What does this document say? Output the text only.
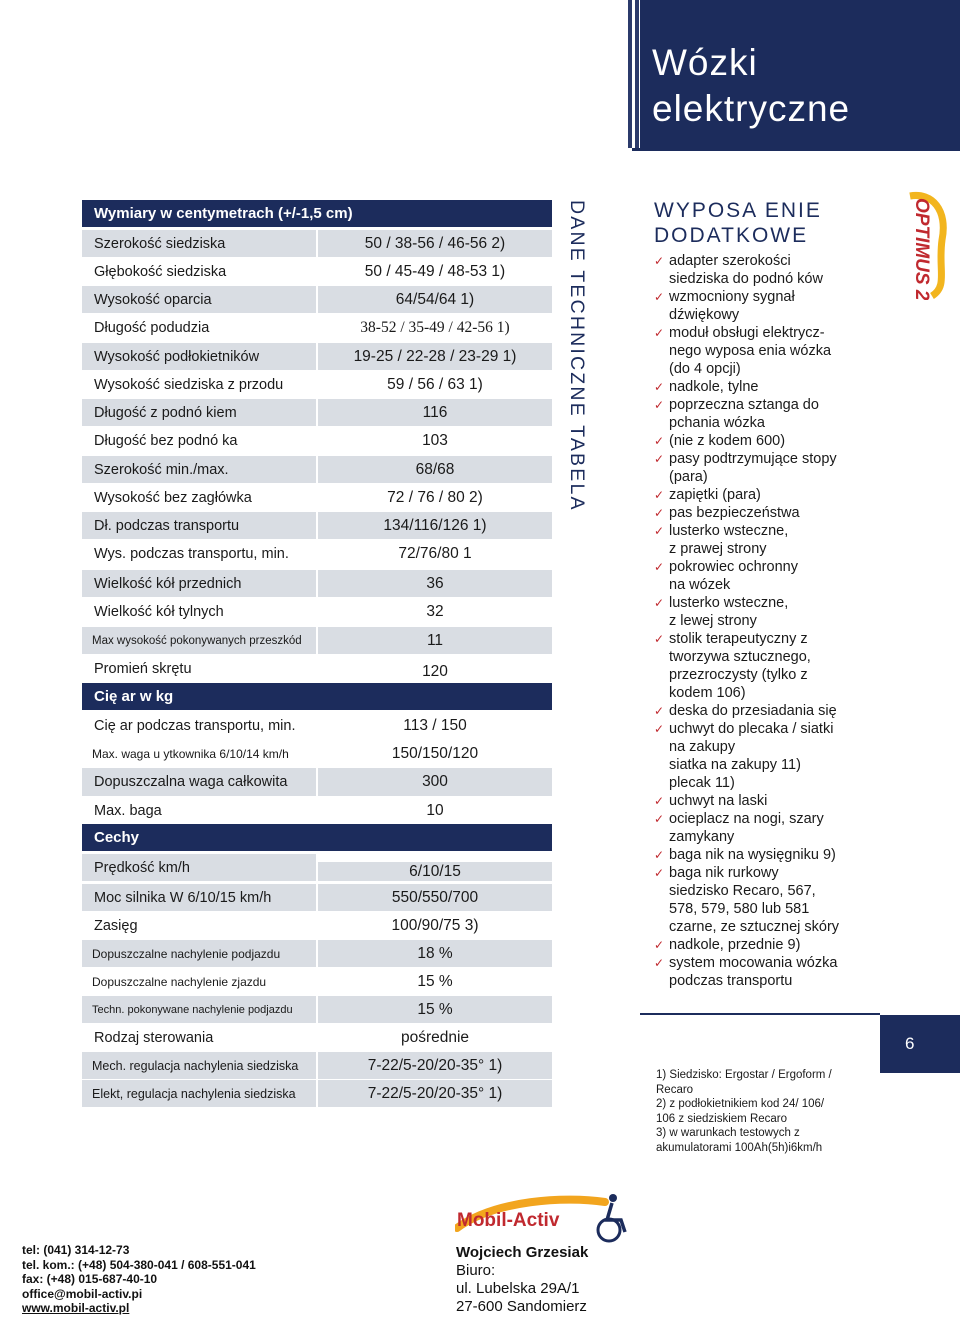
Wózki
elektryczne
Wymiary w centymetrach (+/-1,5 cm)
Szerokość siedziska	50 / 38-56 / 46-56 2)
Głębokość siedziska	50 / 45-49 / 48-53 1)
Wysokość oparcia	64/54/64 1)
Długość podudzia	38-52 / 35-49 / 42-56 1)
Wysokość podłokietników	19-25 / 22-28 / 23-29 1)
Wysokość siedziska z przodu	59 / 56 / 63 1)
Długość z podnó kiem	116
Długość bez podnó ka	103
Szerokość min./max.	68/68
Wysokość bez zagłówka	72 / 76 / 80 2)
Dł. podczas transportu	134/116/126 1)
Wys. podczas transportu, min.	72/76/80 1
Wielkość kół przednich	36
Wielkość kół tylnych	32
Max wysokość pokonywanych przeszkód	11
Promień skrętu	120
Cię ar w kg
Cię ar podczas transportu, min.	113 / 150
Max. waga u ytkownika 6/10/14 km/h	150/150/120
Dopuszczalna waga całkowita	300
Max. baga	10
Cechy
Prędkość km/h	6/10/15
Moc silnika W 6/10/15 km/h	550/550/700
Zasięg	100/90/75 3)
Dopuszczalne nachylenie podjazdu	18 %
Dopuszczalne nachylenie zjazdu	15 %
Techn. pokonywane nachylenie podjazdu	15 %
Rodzaj sterowania	pośrednie
Mech. regulacja nachylenia siedziska	7-22/5-20/20-35° 1)
Elekt, regulacja nachylenia siedziska	7-22/5-20/20-35° 1)
DANE TECHNICZNE TABELA	WYPOSA ENIE
DODATKOWE
✓ adapter szerokości
siedziska do podnó ków
✓ wzmocniony sygnał
dźwiękowy
✓ moduł obsługi elektrycz-
nego wyposa enia wózka
(do 4 opcji)
✓ nadkole, tylne
✓ poprzeczna sztanga do
pchania wózka
✓ (nie z kodem 600)
✓ pasy podtrzymujące stopy
(para)
✓ zapiętki (para)
✓ pas bezpieczeństwa
✓ lusterko wsteczne,
z prawej strony
✓ pokrowiec ochronny
na wózek
✓ lusterko wsteczne,
z lewej strony
✓ stolik terapeutyczny z
tworzywa sztucznego,
przezroczysty (tylko z
kodem 106)
✓ deska do przesiadania się
✓ uchwyt do plecaka / siatki
na zakupy
siatka na zakupy 11)
plecak 11)
✓ uchwyt na laski
✓ ocieplacz na nogi, szary
zamykany
✓ baga nik na wysięgniku 9)
✓ baga nik rurkowy
siedzisko Recaro, 567,
578, 579, 580 lub 581
czarne, ze sztucznej skóry
✓ nadkole, przednie 9)
✓ system mocowania wózka
podczas transportu
OPTIMUS 2
6
1) Siedzisko: Ergostar / Ergoform /
Recaro
2) z podłokietnikiem kod 24/ 106/
106 z siedziskiem Recaro
3) w warunkach testowych z
akumulatorami 100Ah(5h)i6km/h
tel: (041) 314-12-73
tel. kom.: (+48) 504-380-041 / 608-551-041
fax: (+48) 015-687-40-10
office@mobil-activ.pi
www.mobil-activ.pl
Mobil-Activ
Wojciech Grzesiak
Biuro:
ul. Lubelska 29A/1
27-600 Sandomierz
